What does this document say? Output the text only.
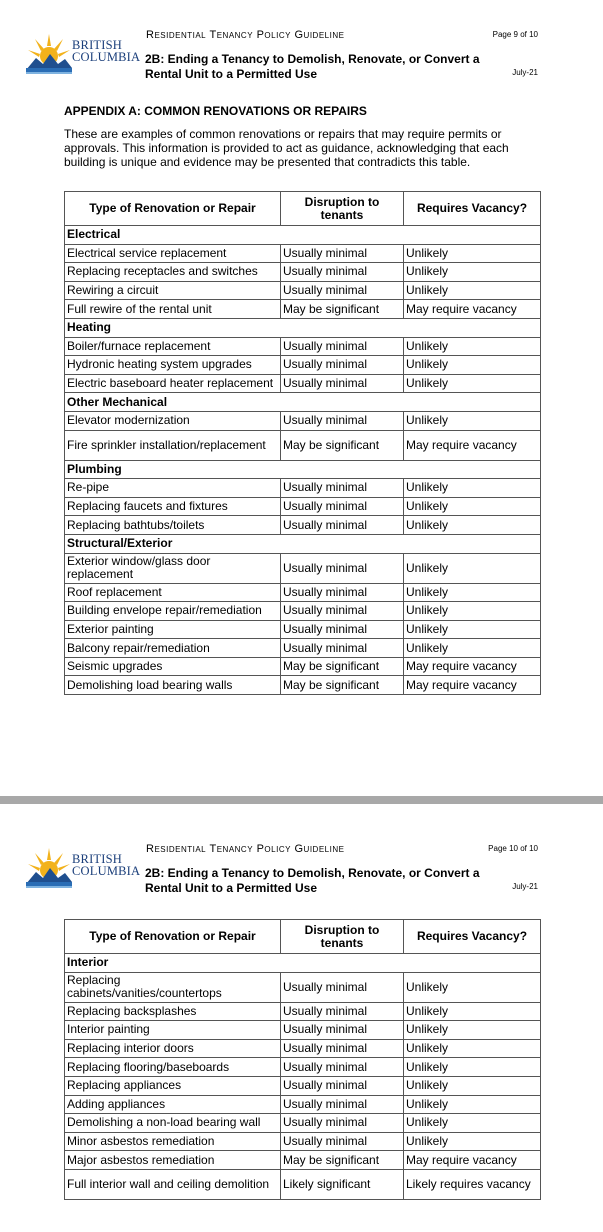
BRITISH
COLUMBIA
Residential Tenancy Policy Guideline
2B: Ending a Tenancy to Demolish, Renovate, or Convert a Rental Unit to a Permitted Use
Page 9 of 10
July-21
APPENDIX A: COMMON RENOVATIONS OR REPAIRS
These are examples of common renovations or repairs that may require permits or approvals. This information is provided to act as guidance, acknowledging that each building is unique and evidence may be presented that contradicts this table.
Type of Renovation or Repair	Disruption to tenants	Requires Vacancy?
Electrical		
Electrical service replacement	Usually minimal	Unlikely
Replacing receptacles and switches	Usually minimal	Unlikely
Rewiring a circuit	Usually minimal	Unlikely
Full rewire of the rental unit	May be significant	May require vacancy
Heating		
Boiler/furnace replacement	Usually minimal	Unlikely
Hydronic heating system upgrades	Usually minimal	Unlikely
Electric baseboard heater replacement	Usually minimal	Unlikely
Other Mechanical		
Elevator modernization	Usually minimal	Unlikely
Fire sprinkler installation/replacement	May be significant	May require vacancy
Plumbing		
Re-pipe	Usually minimal	Unlikely
Replacing faucets and fixtures	Usually minimal	Unlikely
Replacing bathtubs/toilets	Usually minimal	Unlikely
Structural/Exterior		
Exterior window/glass door replacement	Usually minimal	Unlikely
Roof replacement	Usually minimal	Unlikely
Building envelope repair/remediation	Usually minimal	Unlikely
Exterior painting	Usually minimal	Unlikely
Balcony repair/remediation	Usually minimal	Unlikely
Seismic upgrades	May be significant	May require vacancy
Demolishing load bearing walls	May be significant	May require vacancy
BRITISH
COLUMBIA
Residential Tenancy Policy Guideline
2B: Ending a Tenancy to Demolish, Renovate, or Convert a Rental Unit to a Permitted Use
Page 10 of 10
July-21
Type of Renovation or Repair	Disruption to tenants	Requires Vacancy?
Interior		
Replacing cabinets/vanities/countertops	Usually minimal	Unlikely
Replacing backsplashes	Usually minimal	Unlikely
Interior painting	Usually minimal	Unlikely
Replacing interior doors	Usually minimal	Unlikely
Replacing flooring/baseboards	Usually minimal	Unlikely
Replacing appliances	Usually minimal	Unlikely
Adding appliances	Usually minimal	Unlikely
Demolishing a non-load bearing wall	Usually minimal	Unlikely
Minor asbestos remediation	Usually minimal	Unlikely
Major asbestos remediation	May be significant	May require vacancy
Full interior wall and ceiling demolition	Likely significant	Likely requires vacancy
